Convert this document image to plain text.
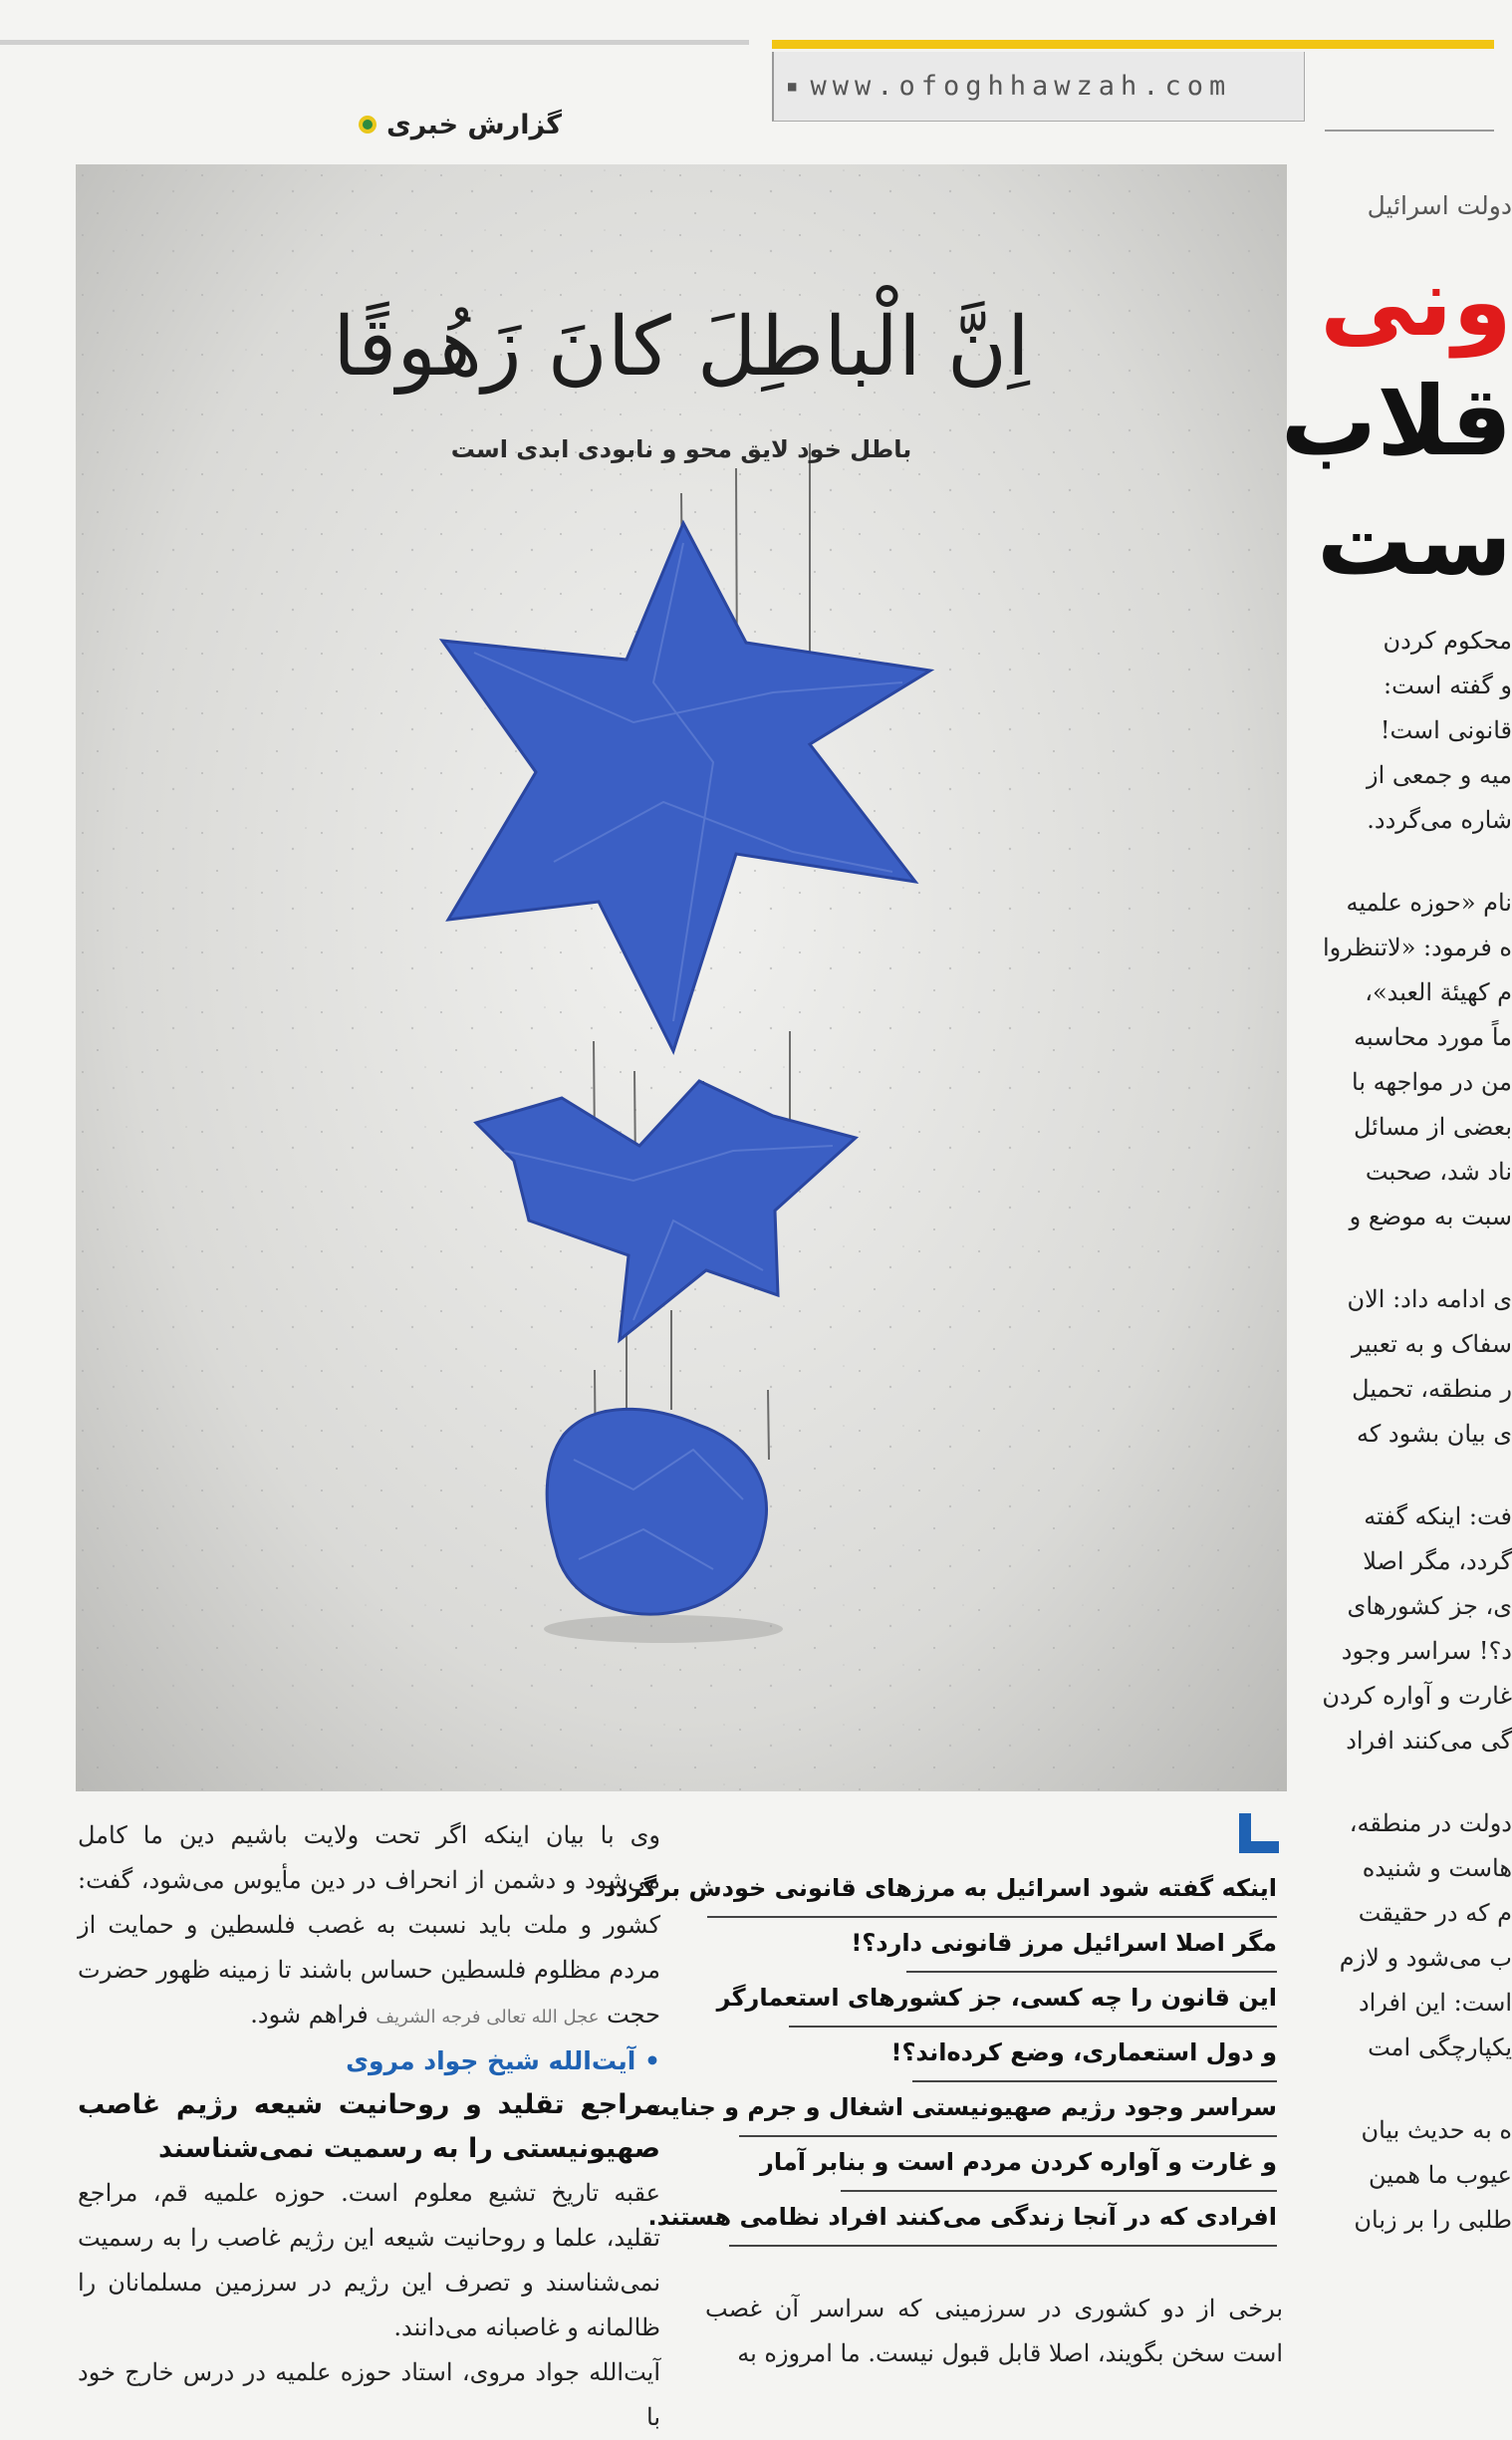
■ www.ofoghhawzah.com
گزارش خبری
اِنَّ الْباطِلَ كانَ زَهُوقًا
باطل خود لایق محو و نابودی ابدی است
دولت اسرائیل
ونی
قلاب
ست

محکوم کردن

و گفته است:

قانونی است!

میه و جمعی از

شاره می‌گردد.

نام «حوزه علمیه

ه فرمود: «لاتنظروا

م کهیئة العبد»،

ماً مورد محاسبه

من در مواجهه با

بعضی از مسائل

ناد شد، صحبت

سبت به موضع و

ی ادامه داد: الان

سفاک و به تعبیر

ر منطقه، تحمیل

ی بیان بشود که

فت: اینکه گفته

گردد، مگر اصلا

ی، جز کشورهای

د؟! سراسر وجود

غارت و آواره کردن

گی می‌کنند افراد

دولت در منطقه،

هاست و شنیده

م که در حقیقت

ب می‌شود و لازم

است: این افراد

یکپارچگی امت

ه به حدیث بیان

عیوب ما همین

طلبی را بر زبان

اینکه گفته شود اسرائیل به مرزهای قانونی خودش برگردد
مگر اصلا اسرائیل مرز قانونی دارد؟!
این قانون را چه کسی، جز کشورهای استعمارگر
و دول استعماری، وضع کرده‌اند؟!
سراسر وجود رژیم صهیونیستی اشغال و جرم و جنایت
و غارت و آواره کردن مردم است و بنابر آمار
افرادی که در آنجا زندگی می‌کنند افراد نظامی هستند.

برخی از دو کشوری در سرزمینی که سراسر آن غصب است سخن بگویند، اصلا قابل قبول نیست. ما امروزه به

وی با بیان اینکه اگر تحت ولایت باشیم دین ما کامل می‌شود و دشمن از انحراف در دین مأیوس می‌شود، گفت: کشور و ملت باید نسبت به غصب فلسطین و حمایت از مردم مظلوم فلسطین حساس باشند تا زمینه ظهور حضرت حجت عجل الله تعالی فرجه الشریف فراهم شود.

• آیت‌الله شیخ جواد مروی
مراجع تقلید و روحانیت شیعه رژیم غاصب صهیونیستی را به رسمیت نمی‌شناسند

عقبه تاریخ تشیع معلوم است. حوزه علمیه قم، مراجع تقلید، علما و روحانیت شیعه این رژیم غاصب را به رسمیت نمی‌شناسند و تصرف این رژیم در سرزمین مسلمانان را ظالمانه و غاصبانه می‌دانند.

آیت‌الله جواد مروی، استاد حوزه علمیه در درس خارج خود با
